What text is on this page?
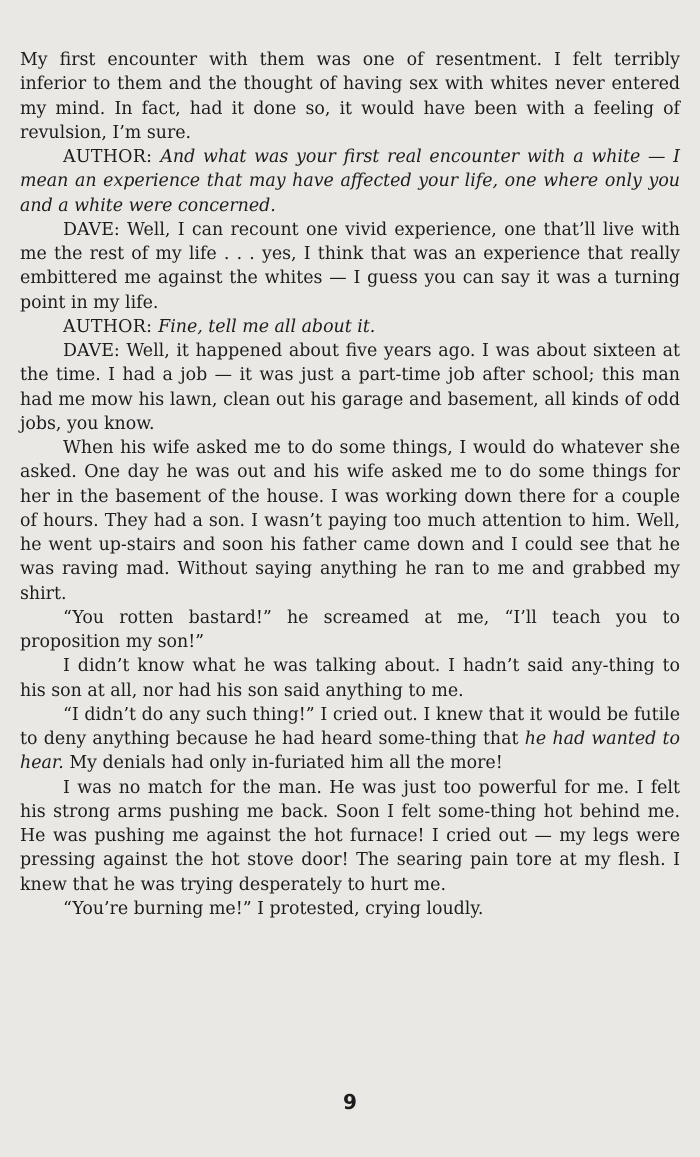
My first encounter with them was one of resentment. I felt terribly inferior to them and the thought of having sex with whites never entered my mind. In fact, had it done so, it would have been with a feeling of revulsion, I’m sure.

AUTHOR: And what was your first real encounter with a white — I mean an experience that may have affected your life, one where only you and a white were concerned.

DAVE: Well, I can recount one vivid experience, one that’ll live with me the rest of my life . . . yes, I think that was an experience that really embittered me against the whites — I guess you can say it was a turning point in my life.

AUTHOR: Fine, tell me all about it.

DAVE: Well, it happened about five years ago. I was about sixteen at the time. I had a job — it was just a part-time job after school; this man had me mow his lawn, clean out his garage and basement, all kinds of odd jobs, you know.

When his wife asked me to do some things, I would do whatever she asked. One day he was out and his wife asked me to do some things for her in the basement of the house. I was working down there for a couple of hours. They had a son. I wasn’t paying too much attention to him. Well, he went up-stairs and soon his father came down and I could see that he was raving mad. Without saying anything he ran to me and grabbed my shirt.

“You rotten bastard!” he screamed at me, “I’ll teach you to proposition my son!”

I didn’t know what he was talking about. I hadn’t said any-thing to his son at all, nor had his son said anything to me.

“I didn’t do any such thing!” I cried out. I knew that it would be futile to deny anything because he had heard some-thing that he had wanted to hear. My denials had only in-furiated him all the more!

I was no match for the man. He was just too powerful for me. I felt his strong arms pushing me back. Soon I felt some-thing hot behind me. He was pushing me against the hot furnace! I cried out — my legs were pressing against the hot stove door! The searing pain tore at my flesh. I knew that he was trying desperately to hurt me.

“You’re burning me!” I protested, crying loudly.

9
